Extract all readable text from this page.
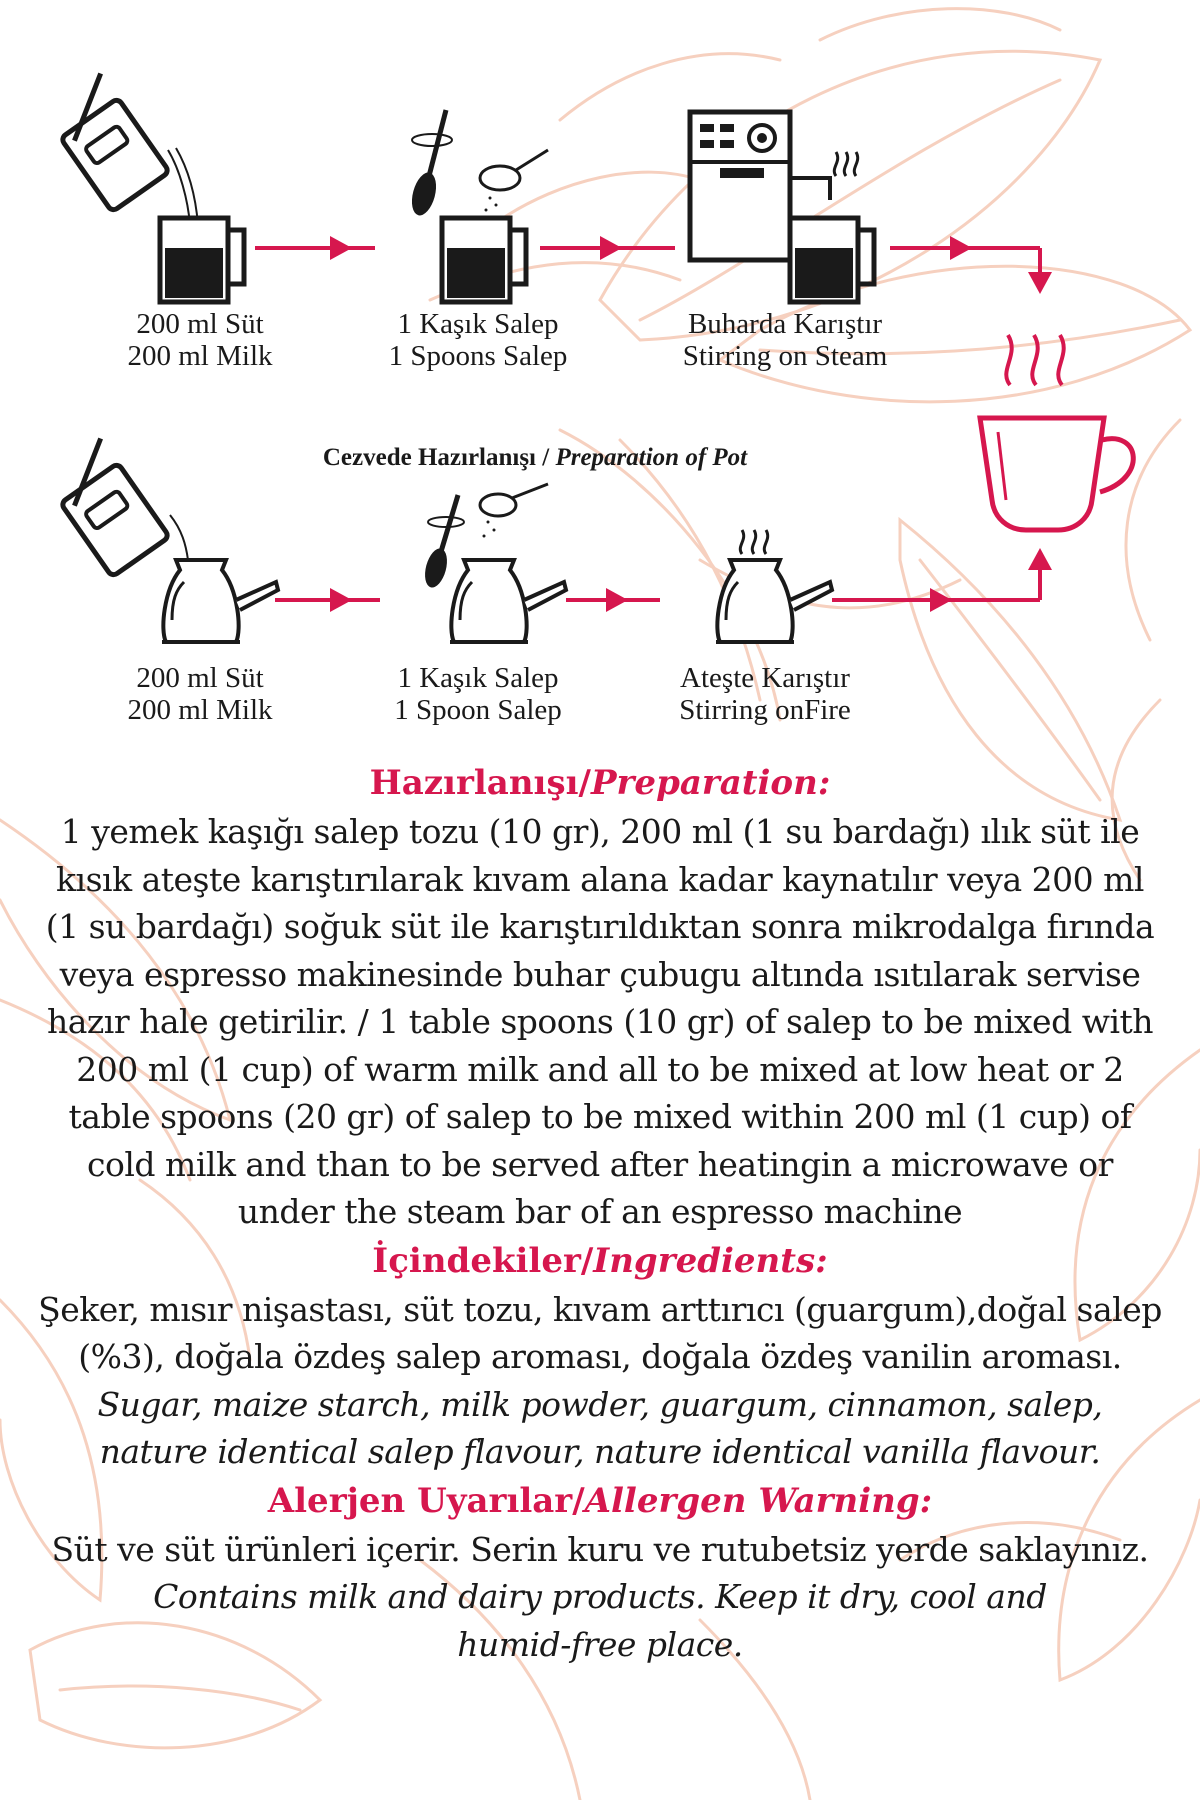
200 ml Süt
200 ml Milk
1 Kaşık Salep
1 Spoons Salep
Buharda Karıştır
Stirring on Steam
Cezvede Hazırlanışı / Preparation of Pot
200 ml Süt
200 ml Milk
1 Kaşık Salep
1 Spoon Salep
Ateşte Karıştır
Stirring onFire
Hazırlanışı/Preparation:
1 yemek kaşığı salep tozu (10 gr), 200 ml (1 su bardağı) ılık süt ile
kısık ateşte karıştırılarak kıvam alana kadar kaynatılır veya 200 ml
(1 su bardağı) soğuk süt ile karıştırıldıktan sonra mikrodalga fırında
veya espresso makinesinde buhar çubugu altında ısıtılarak servise
hazır hale getirilir. / 1 table spoons (10 gr) of salep to be mixed with
200 ml (1 cup) of warm milk and all to be mixed at low heat or 2
table spoons (20 gr) of salep to be mixed within 200 ml (1 cup) of
cold milk and than to be served after heatingin a microwave or
under the steam bar of an espresso machine
İçindekiler/Ingredients:
Şeker, mısır nişastası, süt tozu, kıvam arttırıcı (guargum),doğal salep
(%3), doğala özdeş salep aroması, doğala özdeş vanilin aroması.
Sugar, maize starch, milk powder, guargum, cinnamon, salep,
nature identical salep flavour, nature identical vanilla flavour.
Alerjen Uyarılar/Allergen Warning:
Süt ve süt ürünleri içerir. Serin kuru ve rutubetsiz yerde saklayınız.
Contains milk and dairy products. Keep it dry, cool and
humid-free place.
